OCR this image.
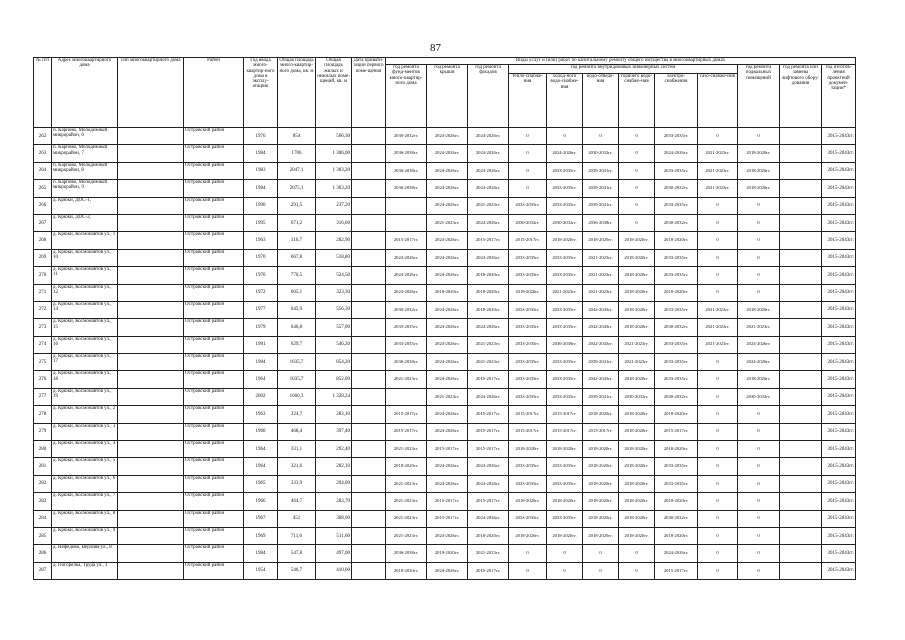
87
№ п/п	Адрес многоквартирного дома	Тип многоквартирного дома	Район	Год ввода много-квартир-ного дома в эксплу-атацию	Общая площадь много-квартир-ного дома, кв. м	Общая площадь жилых и нежилых поме-щений, кв. м	Дата привати-зации первого поме-щения	Виды услуг и (или) работ по капитальному ремонту общего имущества в многоквартирных домах											
								год ремонта фунд-ментов много-квартир-ного дома	год ремонта крыши	год ремонта фасадов	год ремонта внутридомовых инженерных систем						год ремонта подвальных помещений	год ремонта или замены лифтового обору-дования	год изготов-ления проектной докумен-тации*
											тепло-снабже-ния	холод-ного водо-снабже-ния	водо-отведе-ния	горячего водо-снабже-ния	электро-снабжения	газо-снабже-ния			
262	п. Карпово, Молодежный микрорайон, 6		Островский район	1976	854	566,30		2030-2032гг.	2024-2026гг.	2024-2026гг.	0	0	0	0	2033-2035гг.	0	0		2015-2043гг.
263	п. Карпово, Молодежный микрорайон, 7		Островский район	1984	1706	1 306,00		2036-2038гг.	2024-2026гг.	2024-2026гг.	0	2024-2026гг.	2030-2032гг.	0	2024-2026гг.	2021-2023гг.	2018-2020гг.		2015-2043гг.
264	п. Карпово, Молодежный микрорайон, 8		Островский район	1983	2047,1	1 303,20		2036-2038гг.	2024-2026гг.	2024-2026гг.	0	2033-2035гг.	2039-2041гг.	0	2033-2035гг.	2021-2023гг.	2018-2020гг.		2015-2043гг.
265	п. Карпово, Молодежный микрорайон, 9		Островский район	1984	2075,1	1 303,20		2036-2038гг.	2024-2026гг.	2024-2026гг.	0	2033-2035гг.	2039-2041гг.	0	2030-2032гг.	2021-2023гг.	2018-2020гг.		2015-2043гг.
266	д. Крюки, ДОС-1,		Островский район	1990	291,5	237,20			2024-2026гг.	2021-2023гг.	2033-2035гг.	2033-2035гг.	2039-2041гг.	0	2033-2035гг.	0	0		2015-2043гг.
267	д. Крюки, ДОС-2,		Островский район	1995	671,2	316,60			2021-2023гг.	2024-2026гг.	2030-2032гг.	2030-2032гг.	2036-2038гг.	0	2030-2032гг.	0	0		2015-2043гг.
268	д. Крюки, Космонавтов ул., 1		Островский район	1963	316,7	282,90		2015-2017гг.	2024-2026гг.	2015-2017гг.	2015-2017гг.	2018-2020гг.	2018-2020гг.	2018-2020гг.	2018-2020гг.	0	0		2015-2043гг.
269	д. Крюки, Космонавтов ул., 10		Островский район	1970	667,8	518,80		2024-2026гг.	2024-2026гг.	2024-2026гг.	2033-2035гг.	2033-2035гг.	2021-2023гг.	2018-2020гг.	2033-2035гг.	0	0		2015-2043гг.
270	д. Крюки, Космонавтов ул., 11		Островский район	1970	770,5	524,50		2024-2026гг.	2024-2026гг.	2018-2020гг.	2033-2035гг.	2033-2035гг.	2021-2023гг.	2018-2020гг.	2033-2035гг.	0	0		2015-2043гг.
271	д. Крюки, Космонавтов ул., 12		Островский район	1972	605,1	323,30		2024-2026гг.	2018-2020гг.	2018-2020гг.	2018-2020гг.	2021-2023гг.	2021-2023гг.	2018-2020гг.	2018-2020гг.	0	0		2015-2043гг.
272	д. Крюки, Космонавтов ул., 14		Островский район	1977	645,9	556,30		2030-2032гг.	2024-2026гг.	2018-2020гг.	2033-2035гг.	2033-2035гг.	2042-2043гг.	2018-2020гг.	2033-2035гг.	2021-2023гг.	2018-2020гг.		2015-2043гг.
273	д. Крюки, Космонавтов ул., 15		Островский район	1979	646,8	557,00		2033-2035гг.	2024-2026гг.	2024-2026гг.	2033-2035гг.	2033-2035гг.	2042-2043гг.	2018-2020гг.	2030-2032гг.	2021-2023гг.	2021-2023гг.		2015-2043гг.
274	д. Крюки, Космонавтов ул., 16		Островский район	1981	629,7	546,20		2033-2035гг.	2024-2026гг.	2021-2023гг.	2033-2035гг.	2036-2038гг.	2042-2043гг.	2021-2023гг.	2033-2035гг.	2021-2023гг.	2024-2026гг.		2015-2043гг.
275	д. Крюки, Космонавтов ул., 17		Островский район	1984	1035,7	854,20		2036-2038гг.	2024-2026гг.	2021-2023гг.	2033-2035гг.	2033-2035гг.	2039-2041гг.	2021-2023гг.	2033-2035гг.	0	2024-2026гг.		2015-2043гг.
276	д. Крюки, Космонавтов ул., 18		Островский район	1964	1035,7	852,00		2021-2023гг.	2024-2026гг.	2015-2017гг.	2033-2035гг.	2033-2035гг.	2042-2043гг.	2018-2020гг.	2033-2035гг.	0	2018-2020гг.		2015-2043гг.
277	д. Крюки, Космонавтов ул., 19		Островский район	2002	1660,3	1 328,24			2021-2023гг.	2024-2026гг.	2033-2035гг.	2033-2035гг.	2039-2041гг.	2030-2032гг.	2030-2032гг.	0	2030-2032гг.		2015-2043гг.
278	д. Крюки, Космонавтов ул., 2		Островский район	1963	324,7	283,10		2015-2017гг.	2024-2026гг.	2015-2017гг.	2015-2017гг.	2015-2017гг.	2018-2020гг.	2018-2020гг.	2018-2020гг.	0	0		2015-2043гг.
279	д. Крюки, Космонавтов ул., 3		Островский район	1960	468,4	397,40		2015-2017гг.	2024-2026гг.	2015-2017гг.	2015-2017гг.	2015-2017гг.	2015-2017гг.	2018-2020гг.	2015-2017гг.	0	0		2015-2043гг.
280	д. Крюки, Космонавтов ул., 4		Островский район	1964	331,1	292,40		2021-2023гг.	2015-2017гг.	2015-2017гг.	2018-2020гг.	2018-2020гг.	2018-2020гг.	2018-2020гг.	2018-2020гг.	0	0		2015-2043гг.
281	д. Крюки, Космонавтов ул., 5		Островский район	1964	321,6	282,10		2018-2020гг.	2024-2026гг.	2024-2026гг.	2033-2035гг.	2033-2035гг.	2018-2020гг.	2018-2020гг.	2033-2035гг.	0	0		2015-2043гг.
282	д. Крюки, Космонавтов ул., 6		Островский район	1965	333,9	294,00		2021-2023гг.	2024-2026гг.	2024-2026гг.	2033-2035гг.	2033-2035гг.	2018-2020гг.	2018-2020гг.	2033-2035гг.	0	0		2015-2043гг.
283	д. Крюки, Космонавтов ул., 7		Островский район	1966	464,7	283,70		2021-2023гг.	2015-2017гг.	2015-2017гг.	2018-2020гг.	2018-2020гг.	2018-2020гг.	2018-2020гг.	2018-2020гг.	0	0		2015-2043гг.
284	д. Крюки, Космонавтов ул., 8		Островский район	1967	451	308,00		2021-2023гг.	2015-2017гг.	2024-2026гг.	2033-2035гг.	2033-2035гг.	2018-2020гг.	2018-2020гг.	2030-2032гг.	0	0		2015-2043гг.
285	д. Крюки, Космонавтов ул., 9		Островский район	1969	711,6	511,60		2021-2023гг.	2024-2026гг.	2018-2020гг.	2018-2020гг.	2018-2020гг.	2018-2020гг.	2018-2020гг.	2018-2020гг.	0	0		2015-2043гг.
286	д. Нефедово, Верхняя ул., 8		Островский район	1984	547,8	497,00		2036-2038гг.	2018-2020гг.	2021-2023гг.	0	0	0	0	2024-2026гг.	0	0		2015-2043гг.
287	д. Погорелка, Труда ул., 1		Островский район	1954	546,7	410,00		2018-2020гг.	2024-2026гг.	2015-2017гг.	0	0	0	0	2015-2017гг.	0	0		2015-2043гг.
